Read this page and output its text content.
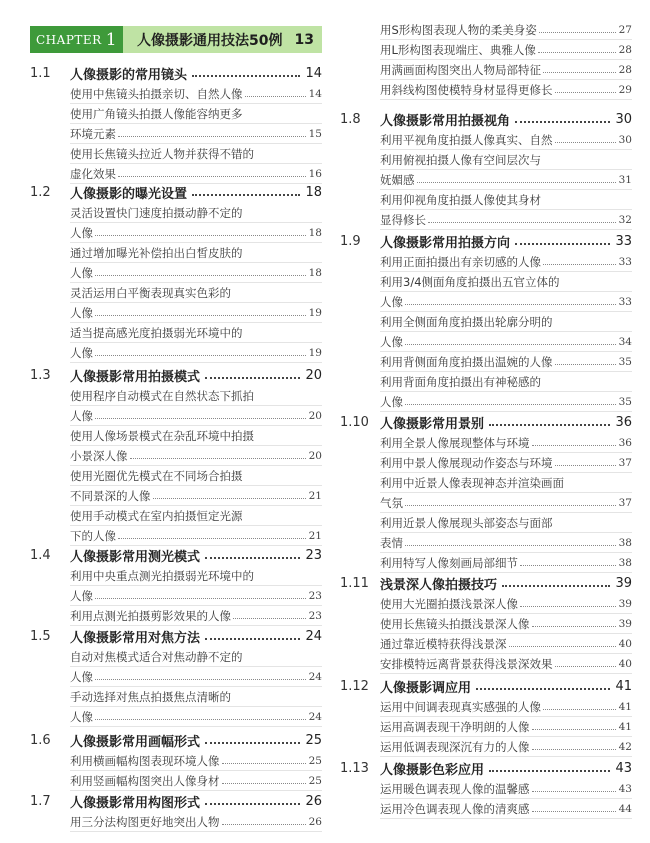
CHAPTER 1 人像摄影通用技法50例 13
1.1	人像摄影的常用镜头	14
使用中焦镜头拍摄亲切、自然人像	14
使用广角镜头拍摄人像能容纳更多
环境元素	15
使用长焦镜头拉近人物并获得不错的
虚化效果	16
1.2	人像摄影的曝光设置	18
灵活设置快门速度拍摄动静不定的
人像	18
通过增加曝光补偿拍出白皙皮肤的
人像	18
灵活运用白平衡表现真实色彩的
人像	19
适当提高感光度拍摄弱光环境中的
人像	19
1.3	人像摄影常用拍摄模式	20
使用程序自动模式在自然状态下抓拍
人像	20
使用人像场景模式在杂乱环境中拍摄
小景深人像	20
使用光圈优先模式在不同场合拍摄
不同景深的人像	21
使用手动模式在室内拍摄恒定光源
下的人像	21
1.4	人像摄影常用测光模式	23
利用中央重点测光拍摄弱光环境中的
人像	23
利用点测光拍摄剪影效果的人像	23
1.5	人像摄影常用对焦方法	24
自动对焦模式适合对焦动静不定的
人像	24
手动选择对焦点拍摄焦点清晰的
人像	24
1.6	人像摄影常用画幅形式	25
利用横画幅构图表现环境人像	25
利用竖画幅构图突出人像身材	25
1.7	人像摄影常用构图形式	26
用三分法构图更好地突出人物	26
用S形构图表现人物的柔美身姿	27
用L形构图表现端庄、典雅人像	28
用满画面构图突出人物局部特征	28
用斜线构图使模特身材显得更修长	29
1.8	人像摄影常用拍摄视角	30
利用平视角度拍摄人像真实、自然	30
利用俯视拍摄人像有空间层次与
妩媚感	31
利用仰视角度拍摄人像使其身材
显得修长	32
1.9	人像摄影常用拍摄方向	33
利用正面拍摄出有亲切感的人像	33
利用3/4侧面角度拍摄出五官立体的
人像	33
利用全侧面角度拍摄出轮廓分明的
人像	34
利用背侧面角度拍摄出温婉的人像	35
利用背面角度拍摄出有神秘感的
人像	35
1.10 人像摄影常用景别	36
利用全景人像展现整体与环境	36
利用中景人像展现动作姿态与环境	37
利用中近景人像表现神态并渲染画面
气氛	37
利用近景人像展现头部姿态与面部
表情	38
利用特写人像刻画局部细节	38
1.11 浅景深人像拍摄技巧	39
使用大光圈拍摄浅景深人像	39
使用长焦镜头拍摄浅景深人像	39
通过靠近模特获得浅景深	40
安排模特远离背景获得浅景深效果	40
1.12 人像摄影调应用	41
运用中间调表现真实感强的人像	41
运用高调表现干净明朗的人像	41
运用低调表现深沉有力的人像	42
1.13 人像摄影色彩应用	43
运用暖色调表现人像的温馨感	43
运用冷色调表现人像的清爽感	44
